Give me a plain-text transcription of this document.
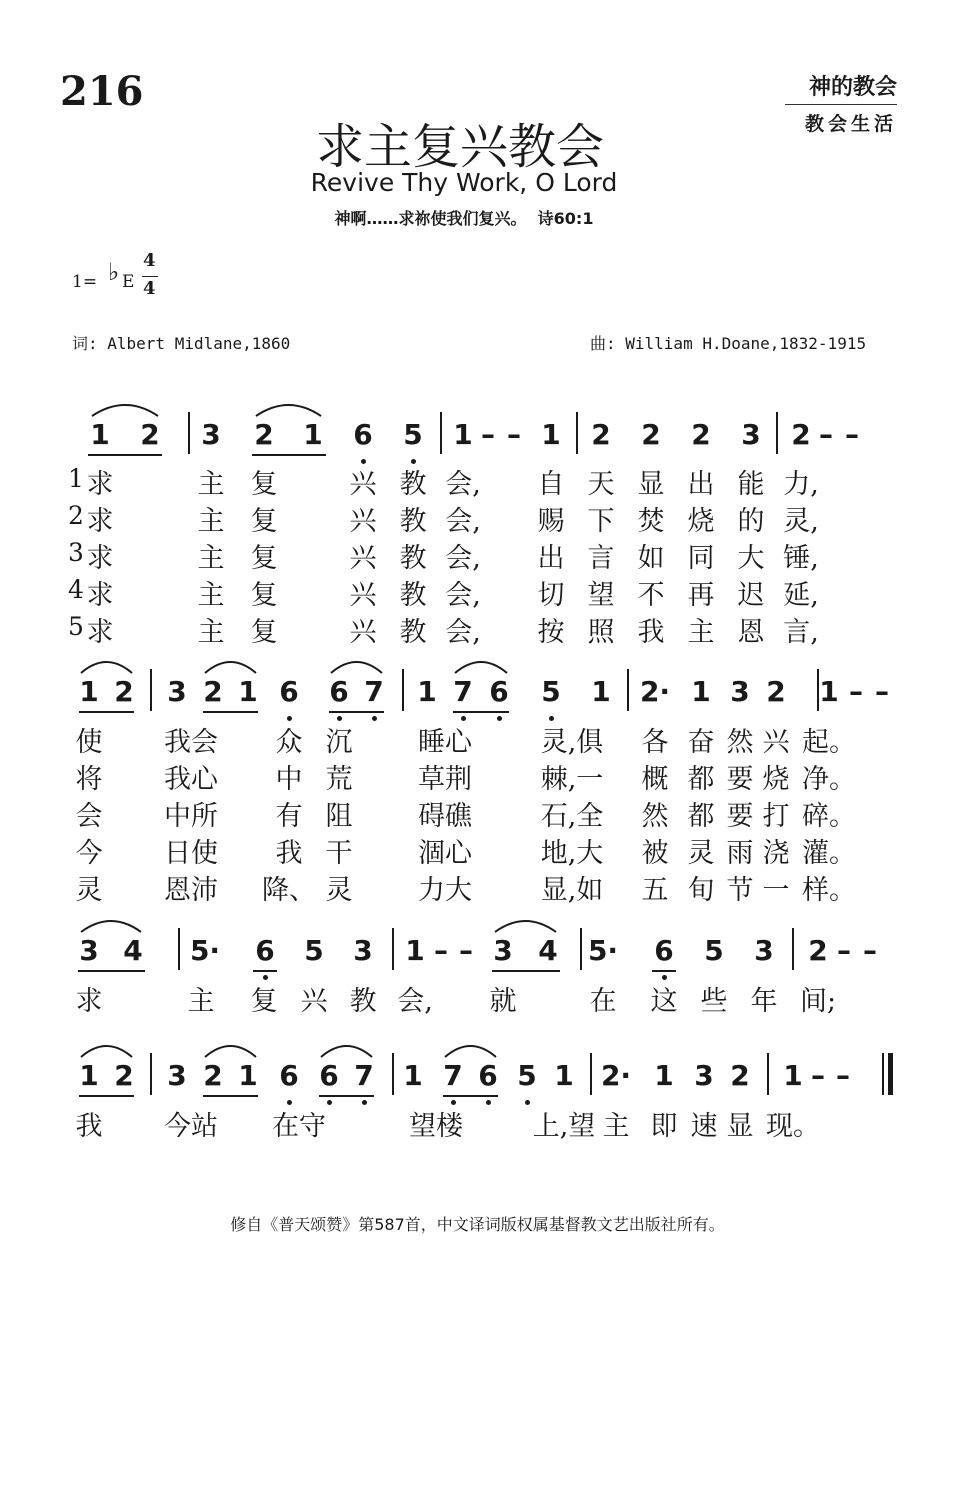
216	神的教会
教会生活
求主复兴教会
Revive Thy Work, O Lord
神啊……求祢使我们复兴。  诗60:1
1= ♭ E
4
4
词: Albert Midlane,1860	曲: William H.Doane,1832-1915
1 2 3 2 1 6 5 1 – – 1 2 2 2 3 2 – –
1
2
3
4
5
求	主 复	兴 教 会, 自 天 显 出 能 力,
求	主 复	兴 教 会, 赐 下 焚 烧 的 灵,
求	主 复	兴 教 会, 出 言 如 同 大 锤,
求	主 复	兴 教 会, 切 望 不 再 迟 延,
求	主 复	兴 教 会, 按 照 我 主 恩 言,
1 2 3 2 1 6 6 7 1 7 6 5 1 2· 1 3 2 1 – –
使 我会 众 沉 睡心	灵,俱 各 奋 然 兴 起。
将 我心 中 荒 草荆	棘,一 概 都 要 烧 净。
会 中所 有 阻 碍礁	石,全 然 都 要 打 碎。
今 日使 我 干 涸心	地,大 被 灵 雨 浇 灌。
灵 恩沛 降、 灵 力大	显,如 五 旬 节 一 样。
3 4 5· 6 5 3 1 – – 3 4 5· 6 5 3 2 – –
求	主 复 兴 教 会, 就	在 这 些 年 间;
1 2 3 2 1 6 6 7 1 7 6 5 1 2· 1 3 2 1 – –
我 今站 在守	望楼	上,望 主 即 速 显 现。
修自《普天颂赞》第587首，中文译词版权属基督教文艺出版社所有。
